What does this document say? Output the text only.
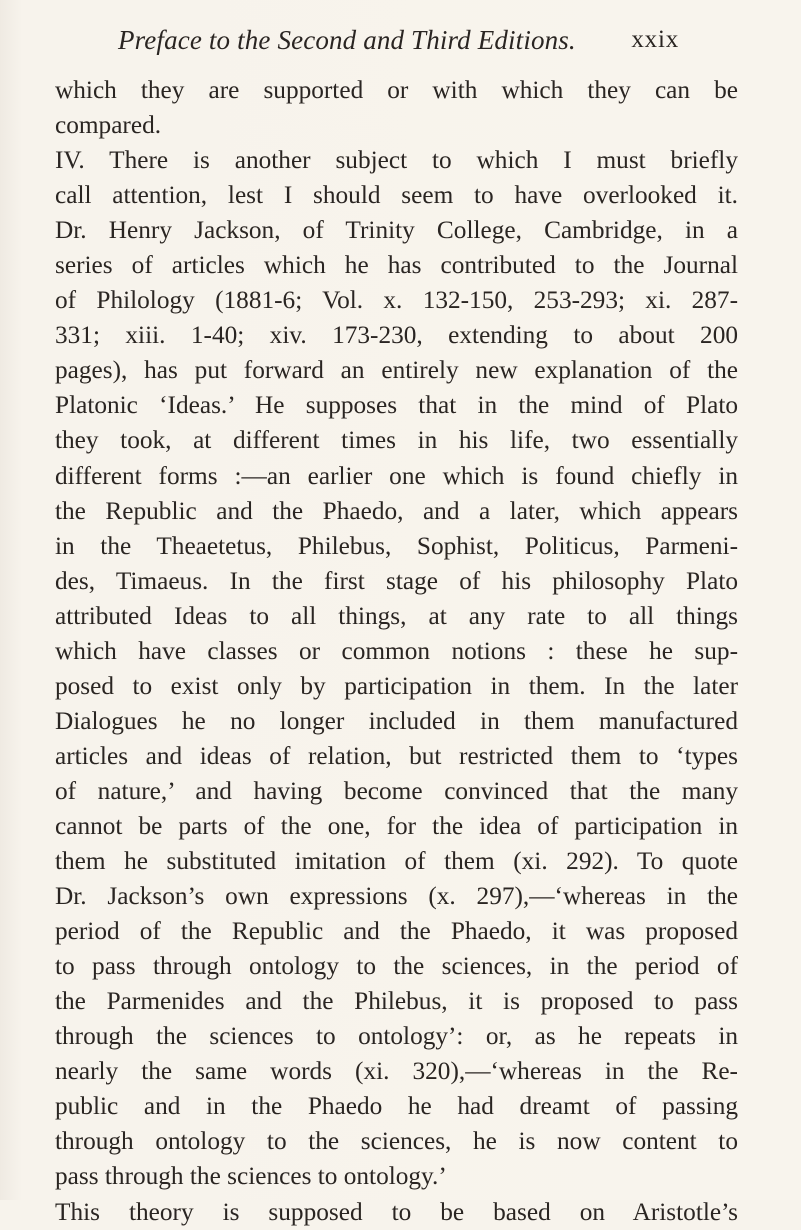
Preface to the Second and Third Editions. xxix
which they are supported or with which they can be
compared.
IV. There is another subject to which I must briefly
call attention, lest I should seem to have overlooked it.
Dr. Henry Jackson, of Trinity College, Cambridge, in a
series of articles which he has contributed to the Journal
of Philology (1881-6; Vol. x. 132-150, 253-293; xi. 287-
331; xiii. 1-40; xiv. 173-230, extending to about 200
pages), has put forward an entirely new explanation of the
Platonic ‘Ideas.’ He supposes that in the mind of Plato
they took, at different times in his life, two essentially
different forms :—an earlier one which is found chiefly in
the Republic and the Phaedo, and a later, which appears
in the Theaetetus, Philebus, Sophist, Politicus, Parmeni-
des, Timaeus. In the first stage of his philosophy Plato
attributed Ideas to all things, at any rate to all things
which have classes or common notions : these he sup-
posed to exist only by participation in them. In the later
Dialogues he no longer included in them manufactured
articles and ideas of relation, but restricted them to ‘types
of nature,’ and having become convinced that the many
cannot be parts of the one, for the idea of participation in
them he substituted imitation of them (xi. 292). To quote
Dr. Jackson’s own expressions (x. 297),—‘whereas in the
period of the Republic and the Phaedo, it was proposed
to pass through ontology to the sciences, in the period of
the Parmenides and the Philebus, it is proposed to pass
through the sciences to ontology’: or, as he repeats in
nearly the same words (xi. 320),—‘whereas in the Re-
public and in the Phaedo he had dreamt of passing
through ontology to the sciences, he is now content to
pass through the sciences to ontology.’
This theory is supposed to be based on Aristotle’s
